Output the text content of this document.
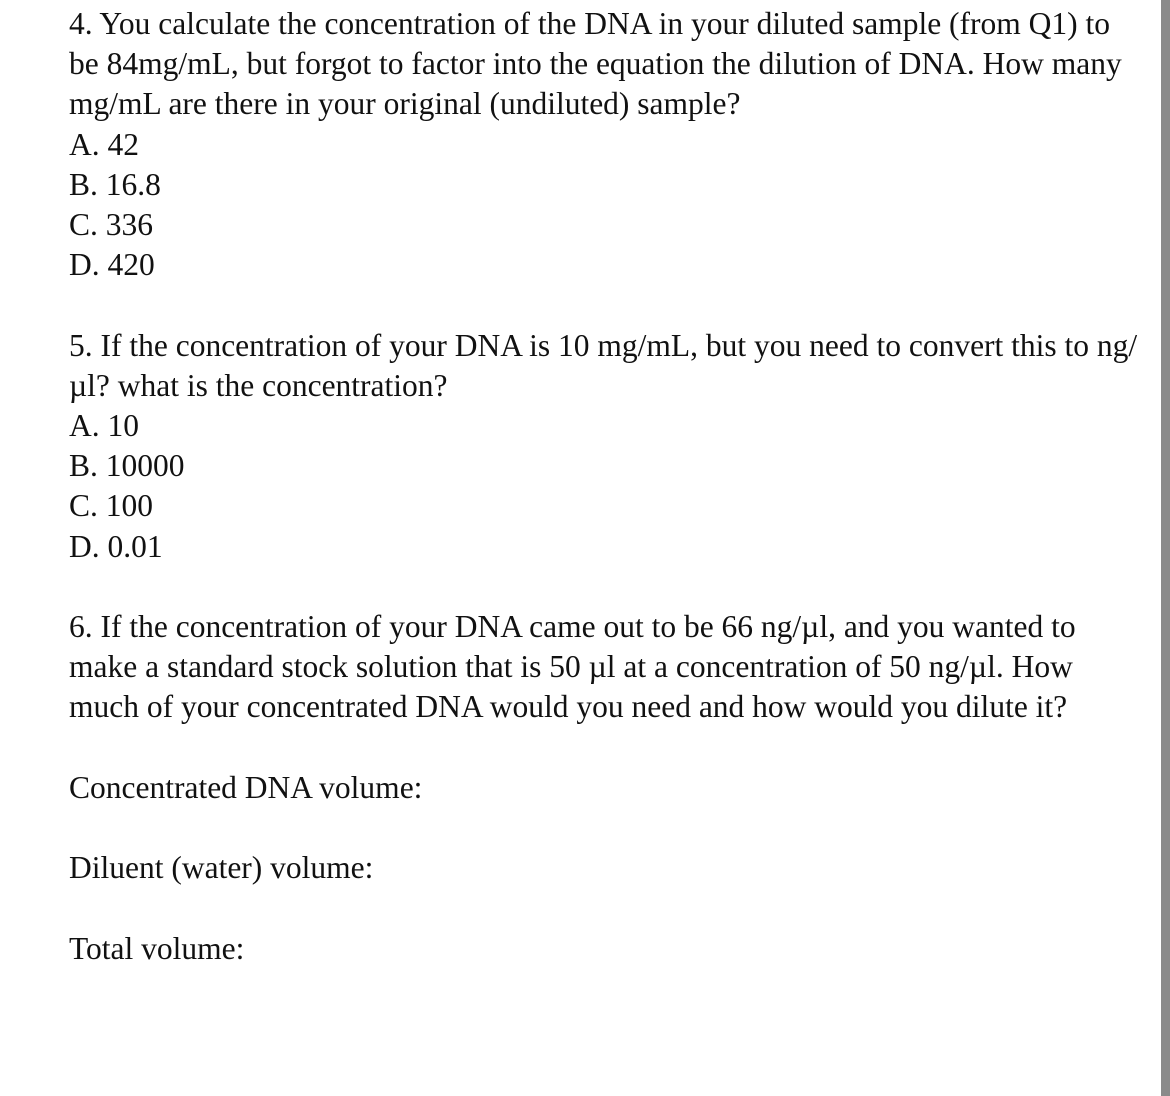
4. You calculate the concentration of the DNA in your diluted sample (from Q1) to be 84mg/mL, but forgot to factor into the equation the dilution of DNA. How many mg/mL are there in your original (undiluted) sample?
A. 42
B. 16.8
C. 336
D. 420
5. If the concentration of your DNA is 10 mg/mL, but you need to convert this to ng/µl? what is the concentration?
A. 10
B. 10000
C. 100
D. 0.01
6. If the concentration of your DNA came out to be 66 ng/µl, and you wanted to make a standard stock solution that is 50 µl at a concentration of 50 ng/µl. How much of your concentrated DNA would you need and how would you dilute it?
Concentrated DNA volume:
Diluent (water) volume:
Total volume:
